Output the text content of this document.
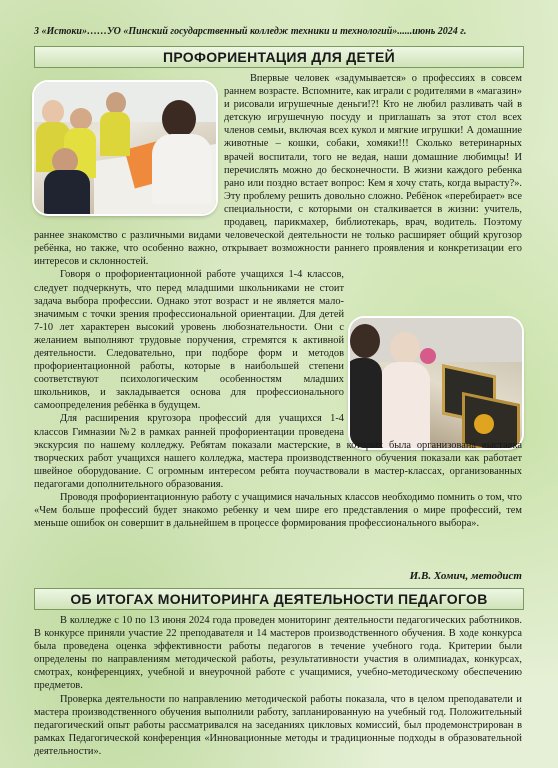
3 «Истоки»……УО «Пинский государственный колледж техники и технологий»......июнь 2024 г.
ПРОФОРИЕНТАЦИЯ ДЛЯ ДЕТЕЙ

Впервые человек «задумывается» о профессиях в совсем раннем возрасте. Вспомните, как играли с родителями в «магазин» и рисовали игрушечные деньги!?! Кто не любил разливать чай в детскую игрушечную посуду и приглашать за этот стол всех членов семьи, включая всех кукол и мягкие игрушки! А домашние животные – кошки, собаки, хомяки!!! Сколько ветеринарных врачей воспитали, того не ведая, наши домашние любимцы! И перечислять можно до бесконечности. В жизни каждого ребенка рано или поздно встает вопрос: Кем я хочу стать, когда вырасту?». Эту проблему решить довольно сложно. Ребёнок «перебирает» все специальности, с которыми он сталкивается в жизни: учитель, продавец, парикмахер, библиотекарь, врач, водитель. Поэтому раннее знакомство с различными видами человеческой деятельности не только расширяет общий кругозор ребёнка, но также, что особенно важно, открывает возможности раннего проявления и конкретизации его интересов и склонностей.

Говоря о профориентационной работе учащихся 1-4 классов, следует подчеркнуть, что перед младшими школьниками не стоит задача выбора профессии. Однако этот возраст и не является малозначимым с точки зрения профессиональной ориентации. Для детей 7-10 лет характерен высокий уровень любознательности. Они с желанием выполняют трудовые поручения, стремятся к активной деятельности. Следовательно, при подборе форм и методов профориентационной работы, которые в наибольшей степени соответствуют психологическим особенностям младших школьников, и закладывается основа для профессионального самоопределения ребёнка в будущем.

Для расширения кругозора профессий для учащихся 1-4 классов Гимназии №2 в рамках ранней профориентации проведена экскурсия по нашему колледжу. Ребятам показали мастерские, в которых была организована выставка творческих работ учащихся нашего колледжа, мастера производственного обучения показали как работает швейное оборудование. С огромным интересом ребята поучаствовали в мастер-классах, организованных педагогами дополнительного образования.

Проводя профориентационную работу с учащимися начальных классов необходимо помнить о том, что «Чем больше профессий будет знакомо ребенку и чем шире его представления о мире профессий, тем меньше ошибок он совершит в дальнейшем в процессе формирования профессионального выбора».

И.В. Хомич, методист
ОБ ИТОГАХ МОНИТОРИНГА ДЕЯТЕЛЬНОСТИ ПЕДАГОГОВ

В колледже с 10 по 13 июня 2024 года проведен мониторинг деятельности педагогических работников. В конкурсе приняли участие 22 преподавателя и 14 мастеров производственного обучения. В ходе конкурса была проведена оценка эффективности работы педагогов в течение учебного года. Критерии были определены по направлениям методической работы, результативности участия в олимпиадах, конкурсах, смотрах, конференциях, учебной и внеурочной работе с учащимися, учебно-методическому обеспечению предметов.

Проверка деятельности по направлению методической работы показала, что в целом преподаватели и мастера производственного обучения выполнили работу, запланированную на учебный год. Положительный педагогический опыт работы рассматривался на заседаниях цикловых комиссий, был продемонстрирован в рамках Педагогической конференция «Инновационные методы и традиционные подходы в образовательной деятельности».
